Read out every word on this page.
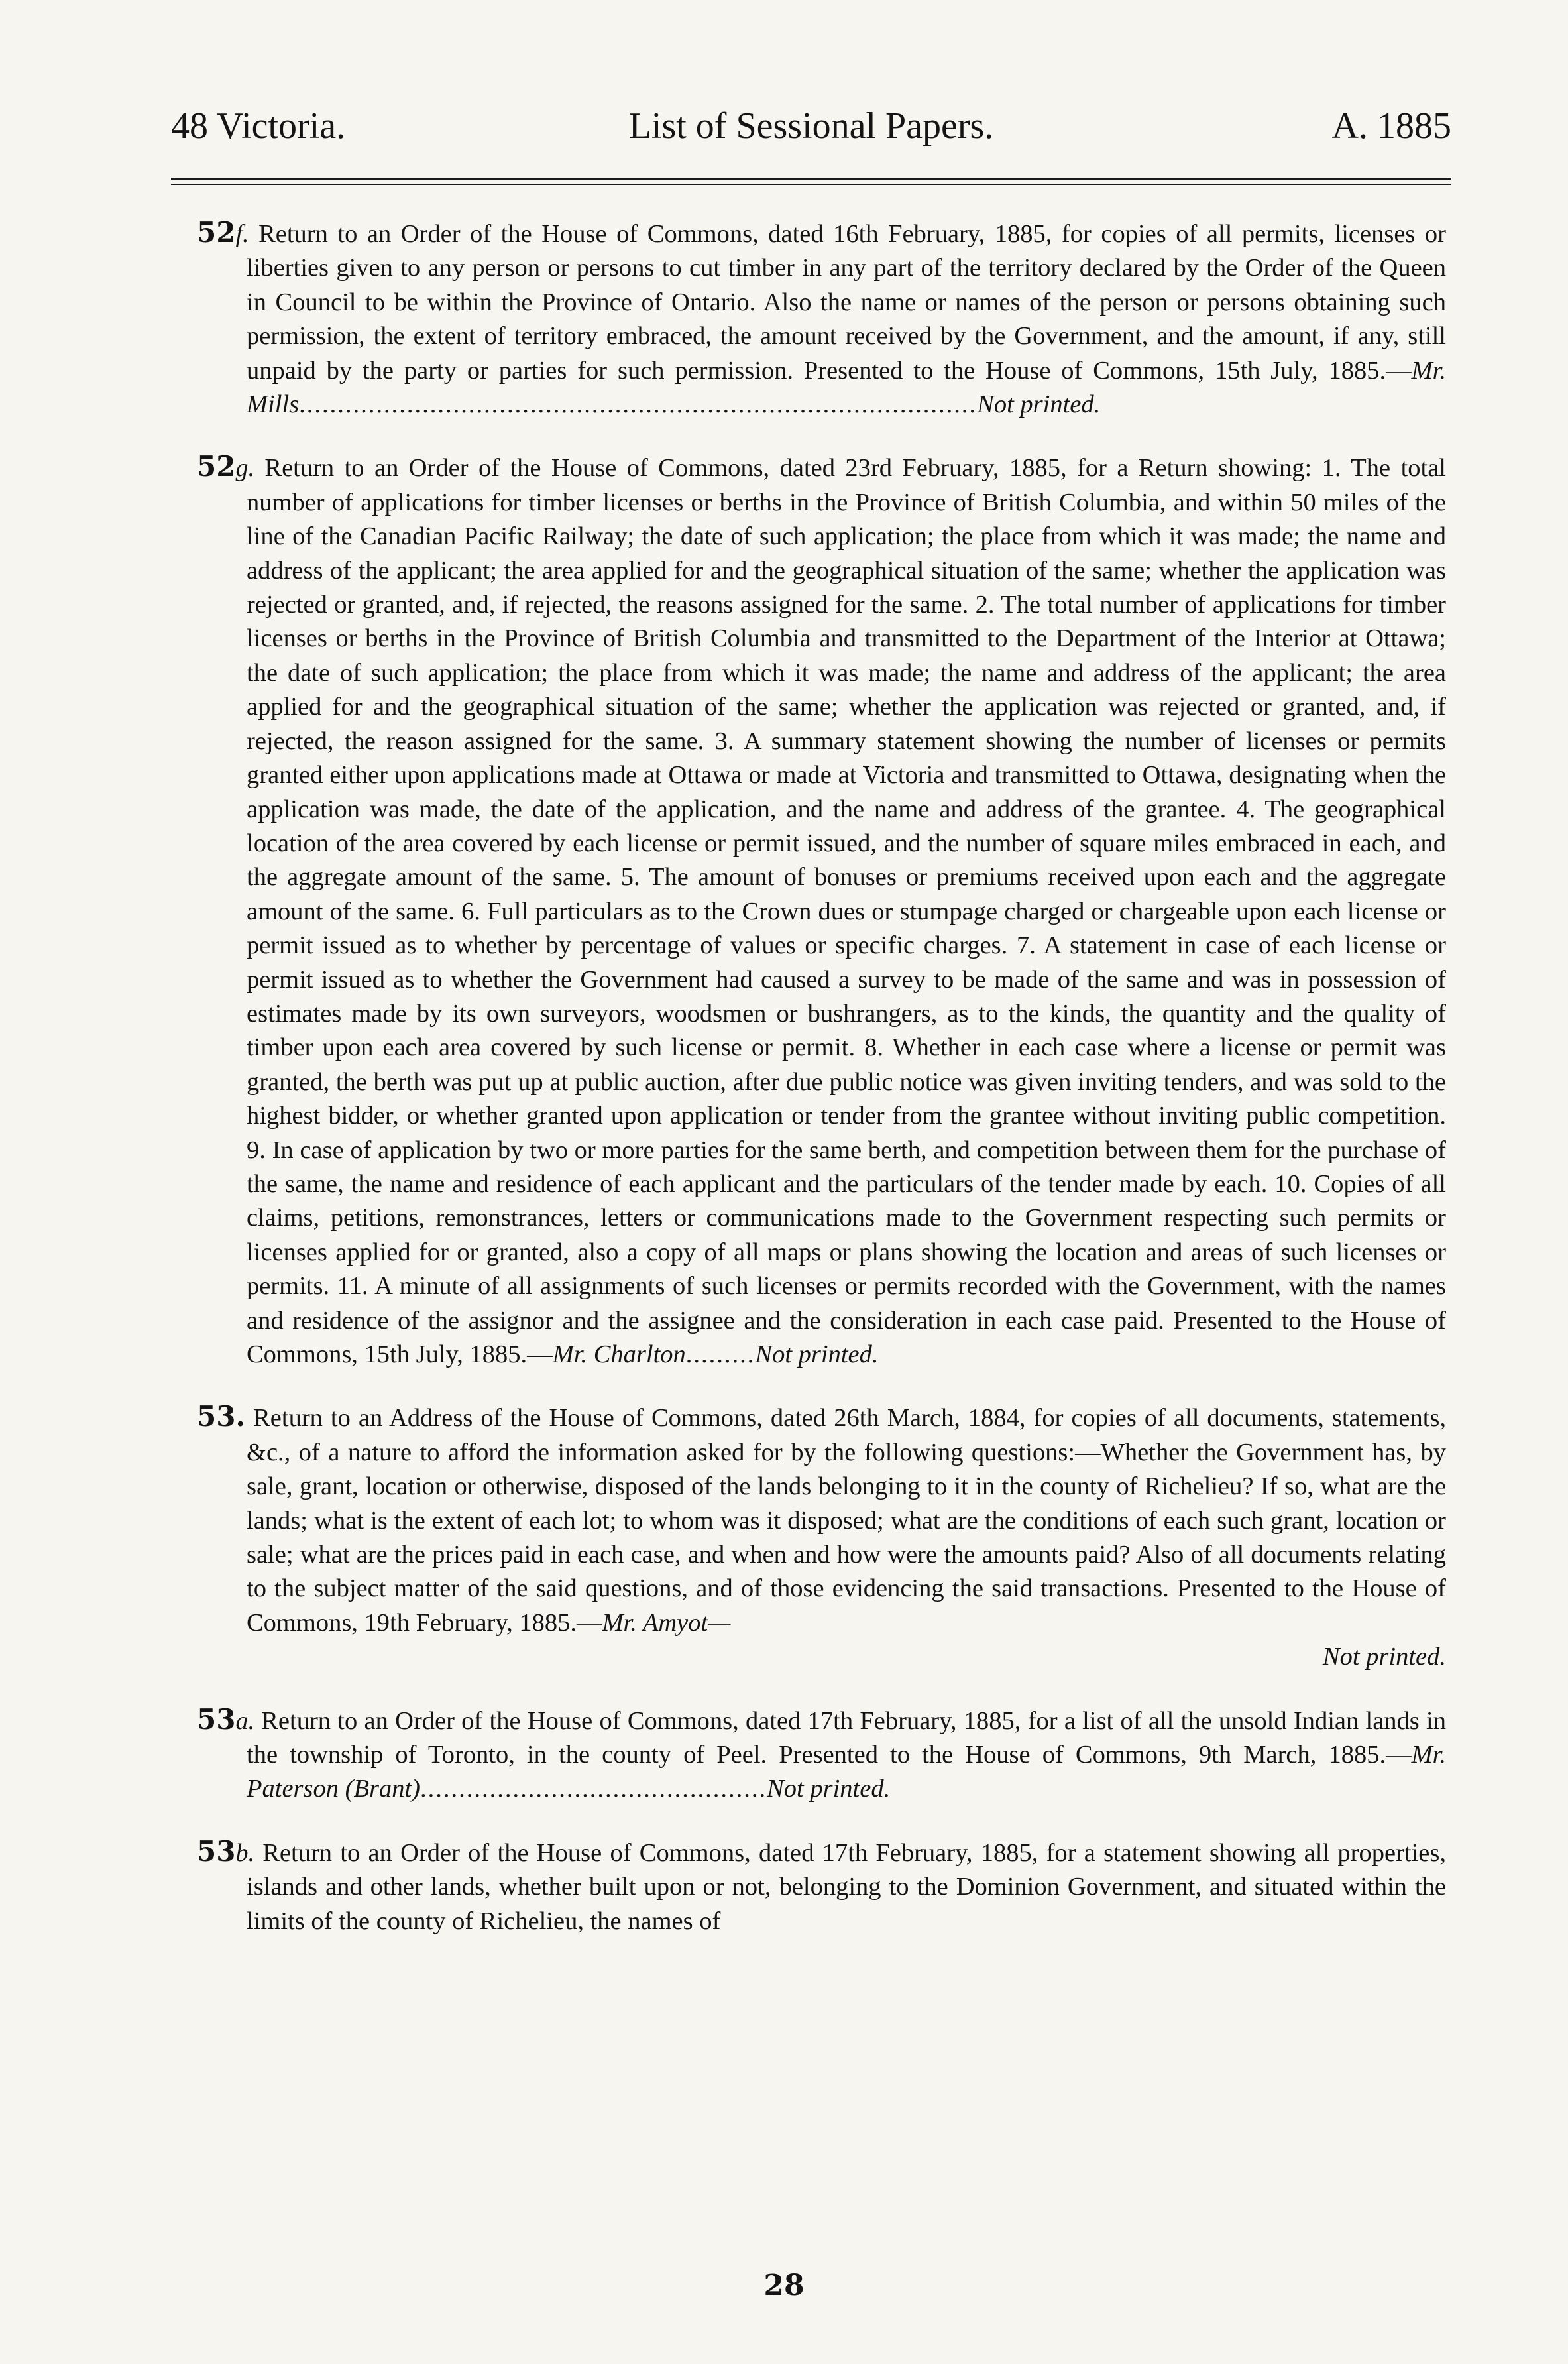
48 Victoria.	List of Sessional Papers.	A. 1885

52f. Return to an Order of the House of Commons, dated 16th February, 1885, for copies of all permits, licenses or liberties given to any person or persons to cut timber in any part of the territory declared by the Order of the Queen in Council to be within the Province of Ontario. Also the name or names of the person or persons obtaining such permission, the extent of territory embraced, the amount received by the Government, and the amount, if any, still unpaid by the party or parties for such permission. Presented to the House of Commons, 15th July, 1885.—Mr. Mills........................................................................................Not printed.

52g. Return to an Order of the House of Commons, dated 23rd February, 1885, for a Return showing: 1. The total number of applications for timber licenses or berths in the Province of British Columbia, and within 50 miles of the line of the Canadian Pacific Railway; the date of such application; the place from which it was made; the name and address of the applicant; the area applied for and the geographical situation of the same; whether the application was rejected or granted, and, if rejected, the reasons assigned for the same. 2. The total number of applications for timber licenses or berths in the Province of British Columbia and transmitted to the Department of the Interior at Ottawa; the date of such application; the place from which it was made; the name and address of the applicant; the area applied for and the geographical situation of the same; whether the application was rejected or granted, and, if rejected, the reason assigned for the same. 3. A summary statement showing the number of licenses or permits granted either upon applications made at Ottawa or made at Victoria and transmitted to Ottawa, designating when the application was made, the date of the application, and the name and address of the grantee. 4. The geographical location of the area covered by each license or permit issued, and the number of square miles embraced in each, and the aggregate amount of the same. 5. The amount of bonuses or premiums received upon each and the aggregate amount of the same. 6. Full particulars as to the Crown dues or stumpage charged or chargeable upon each license or permit issued as to whether by percentage of values or specific charges. 7. A statement in case of each license or permit issued as to whether the Government had caused a survey to be made of the same and was in possession of estimates made by its own surveyors, woodsmen or bushrangers, as to the kinds, the quantity and the quality of timber upon each area covered by such license or permit. 8. Whether in each case where a license or permit was granted, the berth was put up at public auction, after due public notice was given inviting tenders, and was sold to the highest bidder, or whether granted upon application or tender from the grantee without inviting public competition. 9. In case of application by two or more parties for the same berth, and competition between them for the purchase of the same, the name and residence of each applicant and the particulars of the tender made by each. 10. Copies of all claims, petitions, remonstrances, letters or communications made to the Government respecting such permits or licenses applied for or granted, also a copy of all maps or plans showing the location and areas of such licenses or permits. 11. A minute of all assignments of such licenses or permits recorded with the Government, with the names and residence of the assignor and the assignee and the consideration in each case paid. Presented to the House of Commons, 15th July, 1885.—Mr. Charlton.........Not printed.

53. Return to an Address of the House of Commons, dated 26th March, 1884, for copies of all documents, statements, &c., of a nature to afford the information asked for by the following questions:—Whether the Government has, by sale, grant, location or otherwise, disposed of the lands belonging to it in the county of Richelieu? If so, what are the lands; what is the extent of each lot; to whom was it disposed; what are the conditions of each such grant, location or sale; what are the prices paid in each case, and when and how were the amounts paid? Also of all documents relating to the subject matter of the said questions, and of those evidencing the said transactions. Presented to the House of Commons, 19th February, 1885.—Mr. Amyot—
Not printed.

53a. Return to an Order of the House of Commons, dated 17th February, 1885, for a list of all the unsold Indian lands in the township of Toronto, in the county of Peel. Presented to the House of Commons, 9th March, 1885.—Mr. Paterson (Brant).............................................Not printed.

53b. Return to an Order of the House of Commons, dated 17th February, 1885, for a statement showing all properties, islands and other lands, whether built upon or not, belonging to the Dominion Government, and situated within the limits of the county of Richelieu, the names of

28
